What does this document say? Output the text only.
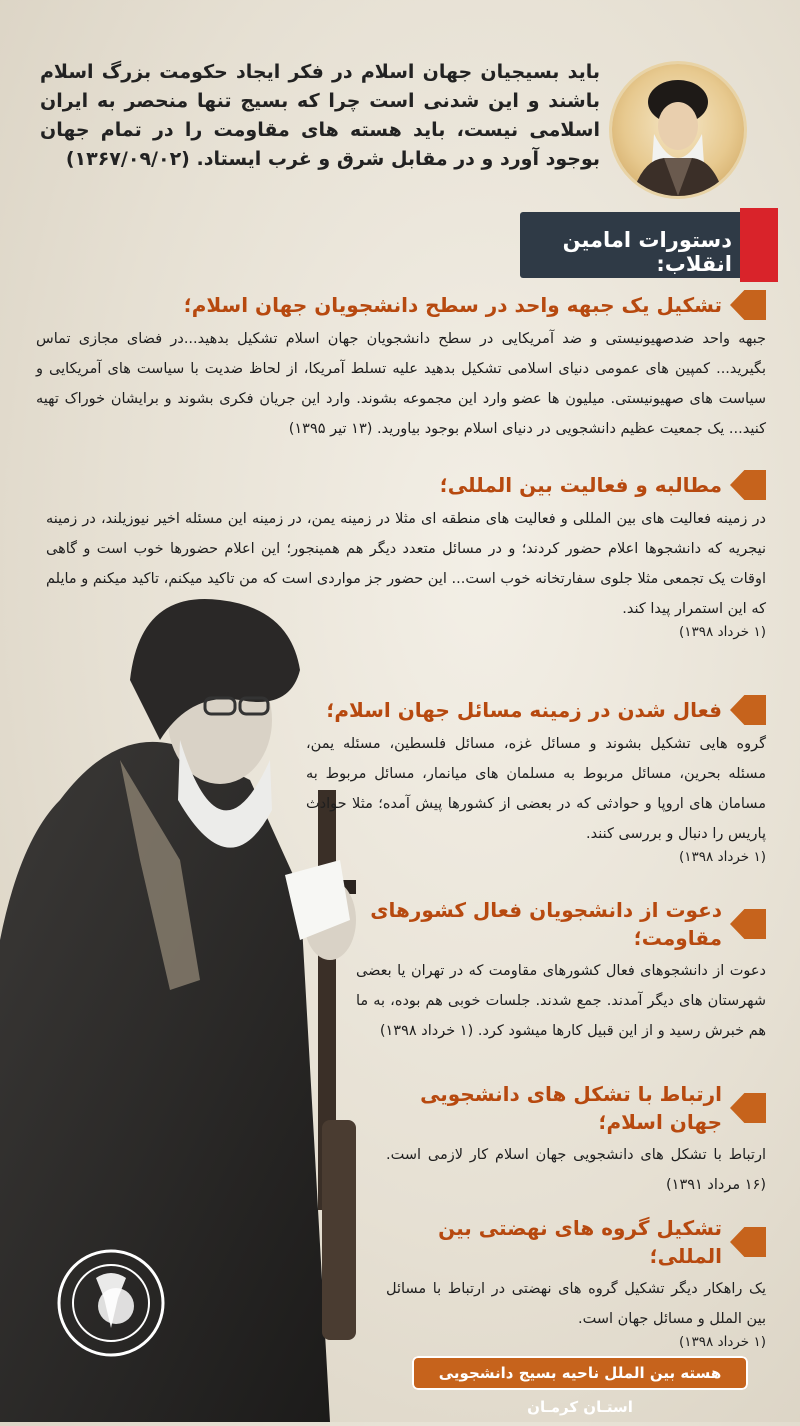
باید بسیجیان جهان اسلام در فکر ایجاد حکومت بزرگ اسلام باشند و این شدنی است چرا که بسیج تنها منحصر به ایران اسلامی نیست، باید هسته های مقاومت را در تمام جهان بوجود آورد و در مقابل شرق و غرب ایستاد. (۱۳۶۷/۰۹/۰۲)
دستورات امامین انقلاب:
تشکیل یک جبهه واحد در سطح دانشجویان جهان اسلام؛
جبهه واحد ضدصهیونیستی و ضد آمریکایی در سطح دانشجویان جهان اسلام تشکیل بدهید...در فضای مجازی تماس بگیرید... کمپین های عمومی دنیای اسلامی تشکیل بدهید علیه تسلط آمریکا، از لحاظ ضدیت با سیاست های آمریکایی و سیاست های صهیونیستی. میلیون ها عضو وارد این مجموعه بشوند. وارد این جریان فکری بشوند و برایشان خوراک تهیه کنید... یک جمعیت عظیم دانشجویی در دنیای اسلام بوجود بیاورید. (۱۳ تیر ۱۳۹۵)
مطالبه و فعالیت بین المللی؛
در زمینه فعالیت های بین المللی و فعالیت های منطقه ای مثلا در زمینه یمن، در زمینه این مسئله اخیر نیوزیلند، در زمینه نیجریه که دانشجوها اعلام حضور کردند؛ و در مسائل متعدد دیگر هم همینجور؛ این اعلام حضورها خوب است و گاهی اوقات یک تجمعی مثلا جلوی سفارتخانه خوب است... این حضور جز مواردی است که من تاکید میکنم، تاکید میکنم و مایلم که این استمرار پیدا کند.
(۱ خرداد ۱۳۹۸)
فعال شدن در زمینه مسائل جهان اسلام؛
گروه هایی تشکیل بشوند و مسائل غزه، مسائل فلسطین، مسئله یمن، مسئله بحرین، مسائل مربوط به مسلمان های میانمار، مسائل مربوط به مسامان های اروپا و حوادثی که در بعضی از کشورها پیش آمده؛ مثلا حوادث پاریس را دنبال و بررسی کنند.
(۱ خرداد ۱۳۹۸)
دعوت از دانشجویان فعال کشورهای مقاومت؛
دعوت از دانشجوهای فعال کشورهای مقاومت که در تهران یا بعضی شهرستان های دیگر آمدند. جمع شدند. جلسات خوبی هم بوده، به ما هم خبرش رسید و از این قبیل کارها میشود کرد. (۱ خرداد ۱۳۹۸)
ارتباط با تشکل های دانشجویی جهان اسلام؛
ارتباط با تشکل های دانشجویی جهان اسلام کار لازمی است. (۱۶ مرداد ۱۳۹۱)
تشکیل گروه های نهضتی بین المللی؛
یک راهکار دیگر تشکیل گروه های نهضتی در ارتباط با مسائل بین الملل و مسائل جهان است.
(۱ خرداد ۱۳۹۸)
هسته بین الملل ناحیه بسیج دانشجویی استـان کرمـان
